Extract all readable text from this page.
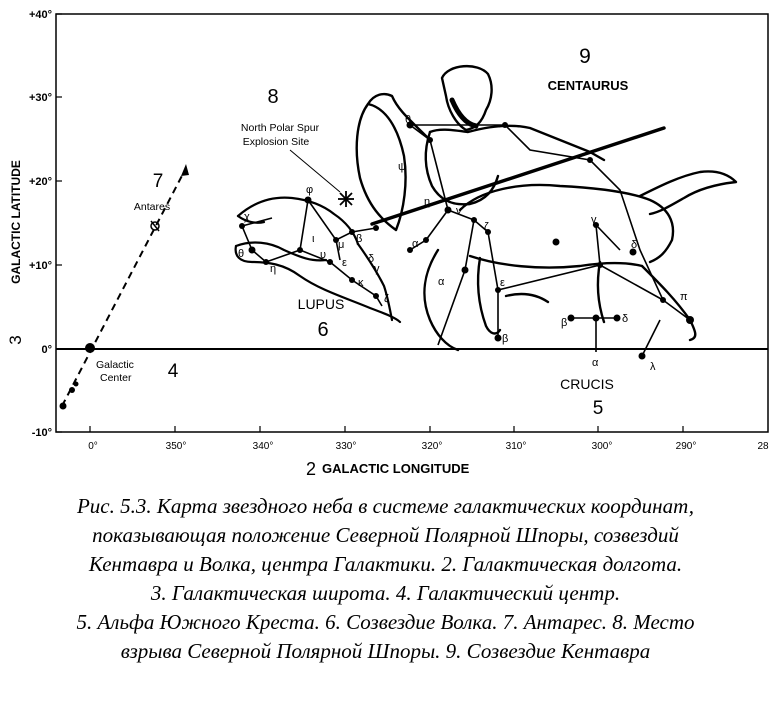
+40°
+30°
+20°
+10°
0°
-10°
0°	350°	340°	330°	320°	310°	300°	290°	28
2 GALACTIC LONGITUDE
GALACTIC LATITUDE
3
9
CENTAURUS
8
North Polar Spur
Explosion Site
7
Antares
LUPUS
6
Galactic
Center 4
CRUCIS
5
θ
ψ
φ
χ
θ
η
ι
υ
μ
ε
κ
ζ
α
β
δ
γ
η
ν
ζ
α
β
ε
γ
δ
π
β	δ
α	λ
Рис. 5.3. Карта звездного неба в системе галактических координат,
показывающая положение Северной Полярной Шпоры, созвездий
Кентавра и Волка, центра Галактики. 2. Галактическая долгота.
3. Галактическая широта. 4. Галактический центр.
5. Альфа Южного Креста. 6. Созвездие Волка. 7. Антарес. 8. Место
взрыва Северной Полярной Шпоры. 9. Созвездие Кентавра
